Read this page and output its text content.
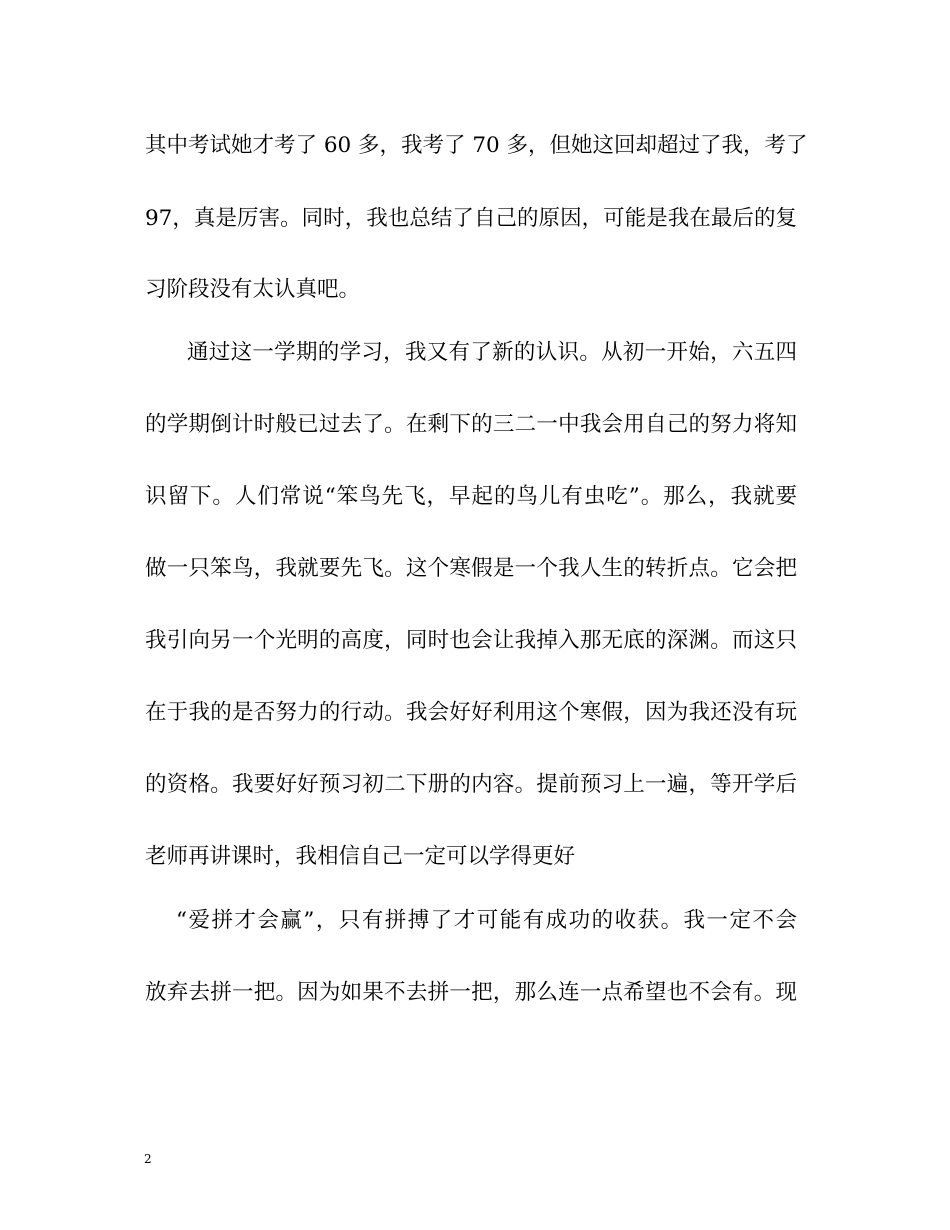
其中考试她才考了 60 多，我考了 70 多，但她这回却超过了我，考了
97，真是厉害。同时，我也总结了自己的原因，可能是我在最后的复
习阶段没有太认真吧。
通过这一学期的学习，我又有了新的认识。从初一开始，六五四
的学期倒计时般已过去了。在剩下的三二一中我会用自己的努力将知
识留下。人们常说“笨鸟先飞，早起的鸟儿有虫吃”。那么，我就要
做一只笨鸟，我就要先飞。这个寒假是一个我人生的转折点。它会把
我引向另一个光明的高度，同时也会让我掉入那无底的深渊。而这只
在于我的是否努力的行动。我会好好利用这个寒假，因为我还没有玩
的资格。我要好好预习初二下册的内容。提前预习上一遍，等开学后
老师再讲课时，我相信自己一定可以学得更好
“爱拼才会赢”，只有拼搏了才可能有成功的收获。我一定不会
放弃去拼一把。因为如果不去拼一把，那么连一点希望也不会有。现
2
